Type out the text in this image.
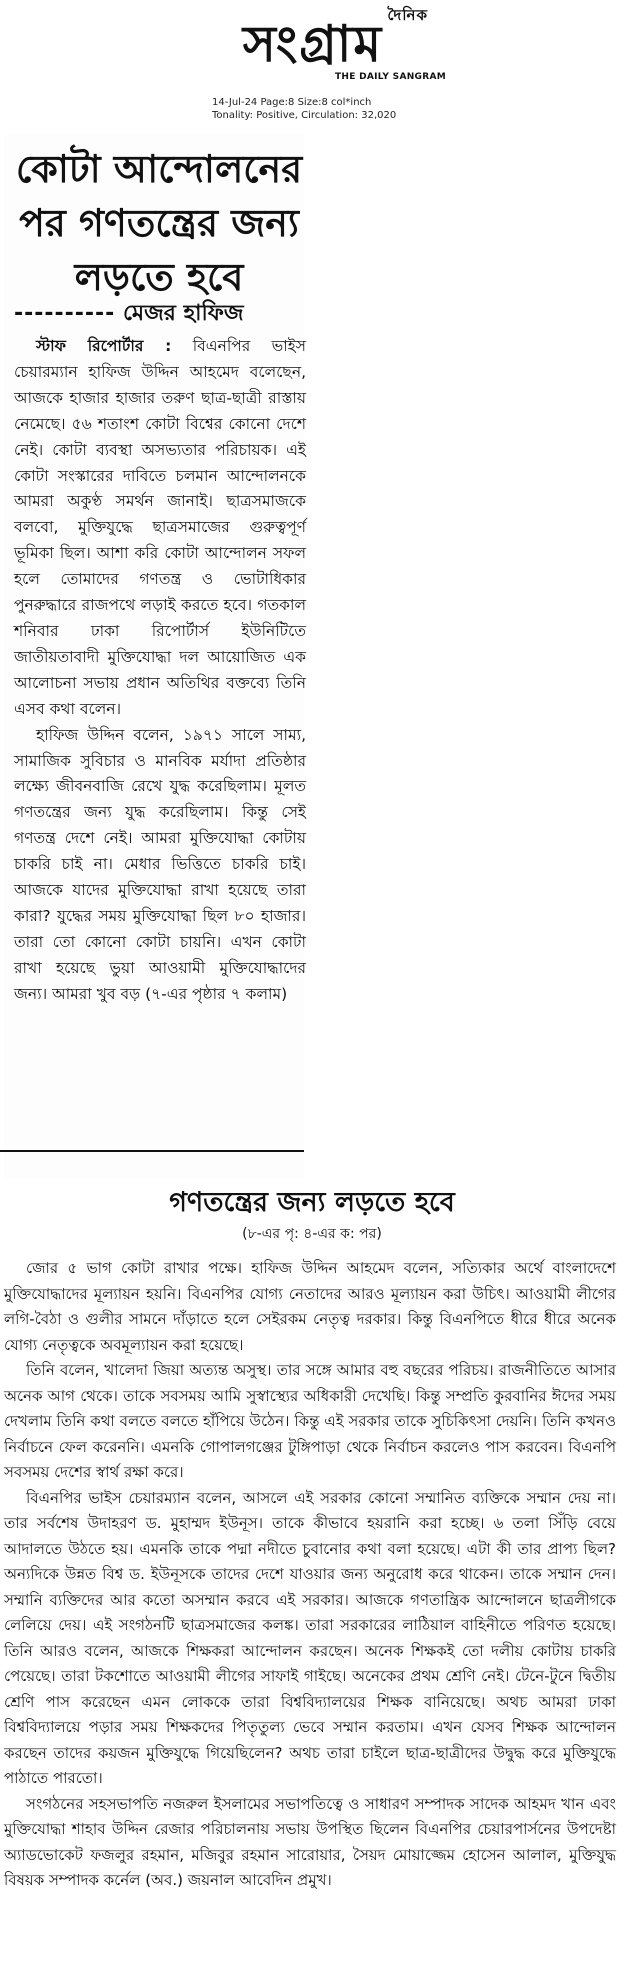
দৈনিক
সংগ্রাম
THE DAILY SANGRAM
14-Jul-24 Page:8 Size:8 col*inch
Tonality: Positive, Circulation: 32,020
কোটা আন্দোলনের পর গণতন্ত্রের জন্য লড়তে হবে
---------- মেজর হাফিজ

স্টাফ রিপোর্টার : বিএনপির ভাইস চেয়ারম্যান হাফিজ উদ্দিন আহমেদ বলেছেন, আজকে হাজার হাজার তরুণ ছাত্র-ছাত্রী রাস্তায় নেমেছে। ৫৬ শতাংশ কোটা বিশ্বের কোনো দেশে নেই। কোটা ব্যবস্থা অসভ্যতার পরিচায়ক। এই কোটা সংস্কারের দাবিতে চলমান আন্দোলনকে আমরা অকুণ্ঠ সমর্থন জানাই। ছাত্রসমাজকে বলবো, মুক্তিযুদ্ধে ছাত্রসমাজের গুরুত্বপূর্ণ ভূমিকা ছিল। আশা করি কোটা আন্দোলন সফল হলে তোমাদের গণতন্ত্র ও ভোটাধিকার পুনরুদ্ধারে রাজপথে লড়াই করতে হবে। গতকাল শনিবার ঢাকা রিপোর্টার্স ইউনিটিতে জাতীয়তাবাদী মুক্তিযোদ্ধা দল আয়োজিত এক আলোচনা সভায় প্রধান অতিথির বক্তব্যে তিনি এসব কথা বলেন।

হাফিজ উদ্দিন বলেন, ১৯৭১ সালে সাম্য, সামাজিক সুবিচার ও মানবিক মর্যাদা প্রতিষ্ঠার লক্ষ্যে জীবনবাজি রেখে যুদ্ধ করেছিলাম। মূলত গণতন্ত্রের জন্য যুদ্ধ করেছিলাম। কিন্তু সেই গণতন্ত্র দেশে নেই। আমরা মুক্তিযোদ্ধা কোটায় চাকরি চাই না। মেধার ভিত্তিতে চাকরি চাই। আজকে যাদের মুক্তিযোদ্ধা রাখা হয়েছে তারা কারা? যুদ্ধের সময় মুক্তিযোদ্ধা ছিল ৮০ হাজার। তারা তো কোনো কোটা চায়নি। এখন কোটা রাখা হয়েছে ভুয়া আওয়ামী মুক্তিযোদ্ধাদের জন্য। আমরা খুব বড় (৭-এর পৃষ্ঠার ৭ কলাম)

গণতন্ত্রের জন্য লড়তে হবে
(৮-এর পৃ: ৪-এর ক: পর)

জোর ৫ ভাগ কোটা রাখার পক্ষে। হাফিজ উদ্দিন আহমেদ বলেন, সত্যিকার অর্থে বাংলাদেশে মুক্তিযোদ্ধাদের মূল্যায়ন হয়নি। বিএনপির যোগ্য নেতাদের আরও মূল্যায়ন করা উচিৎ। আওয়ামী লীগের লগি-বৈঠা ও গুলীর সামনে দাঁড়াতে হলে সেইরকম নেতৃত্ব দরকার। কিন্তু বিএনপিতে ধীরে ধীরে অনেক যোগ্য নেতৃত্বকে অবমূল্যায়ন করা হয়েছে।

তিনি বলেন, খালেদা জিয়া অত্যন্ত অসুস্থ। তার সঙ্গে আমার বহু বছরের পরিচয়। রাজনীতিতে আসার অনেক আগ থেকে। তাকে সবসময় আমি সুস্বাস্থ্যের অধিকারী দেখেছি। কিন্তু সম্প্রতি কুরবানির ঈদের সময় দেখলাম তিনি কথা বলতে বলতে হাঁপিয়ে উঠেন। কিন্তু এই সরকার তাকে সুচিকিৎসা দেয়নি। তিনি কখনও নির্বাচনে ফেল করেননি। এমনকি গোপালগঞ্জের টুঙ্গিপাড়া থেকে নির্বাচন করলেও পাস করবেন। বিএনপি সবসময় দেশের স্বার্থ রক্ষা করে।

বিএনপির ভাইস চেয়ারম্যান বলেন, আসলে এই সরকার কোনো সম্মানিত ব্যক্তিকে সম্মান দেয় না। তার সর্বশেষ উদাহরণ ড. মুহাম্মদ ইউনূস। তাকে কীভাবে হয়রানি করা হচ্ছে। ৬ তলা সিঁড়ি বেয়ে আদালতে উঠতে হয়। এমনকি তাকে পদ্মা নদীতে চুবানোর কথা বলা হয়েছে। এটা কী তার প্রাপ্য ছিল? অন্যদিকে উন্নত বিশ্ব ড. ইউনূসকে তাদের দেশে যাওয়ার জন্য অনুরোধ করে থাকেন। তাকে সম্মান দেন। সম্মানি ব্যক্তিদের আর কতো অসম্মান করবে এই সরকার। আজকে গণতান্ত্রিক আন্দোলনে ছাত্রলীগকে লেলিয়ে দেয়। এই সংগঠনটি ছাত্রসমাজের কলঙ্ক। তারা সরকারের লাঠিয়াল বাহিনীতে পরিণত হয়েছে। তিনি আরও বলেন, আজকে শিক্ষকরা আন্দোলন করছেন। অনেক শিক্ষকই তো দলীয় কোটায় চাকরি পেয়েছে। তারা টকশোতে আওয়ামী লীগের সাফাই গাইছে। অনেকের প্রথম শ্রেণি নেই। টেনে-টুনে দ্বিতীয় শ্রেণি পাস করেছেন এমন লোককে তারা বিশ্ববিদ্যালয়ের শিক্ষক বানিয়েছে। অথচ আমরা ঢাকা বিশ্ববিদ্যালয়ে পড়ার সময় শিক্ষকদের পিতৃতুল্য ভেবে সম্মান করতাম। এখন যেসব শিক্ষক আন্দোলন করছেন তাদের কয়জন মুক্তিযুদ্ধে গিয়েছিলেন? অথচ তারা চাইলে ছাত্র-ছাত্রীদের উদ্বুদ্ধ করে মুক্তিযুদ্ধে পাঠাতে পারতো।

সংগঠনের সহসভাপতি নজরুল ইসলামের সভাপতিত্বে ও সাধারণ সম্পাদক সাদেক আহমদ খান এবং মুক্তিযোদ্ধা শাহাব উদ্দিন রেজার পরিচালনায় সভায় উপস্থিত ছিলেন বিএনপির চেয়ারপার্সনের উপদেষ্টা অ্যাডভোকেট ফজলুর রহমান, মজিবুর রহমান সারোয়ার, সৈয়দ মোয়াজ্জেম হোসেন আলাল, মুক্তিযুদ্ধ বিষয়ক সম্পাদক কর্নেল (অব.) জয়নাল আবেদিন প্রমুখ।
